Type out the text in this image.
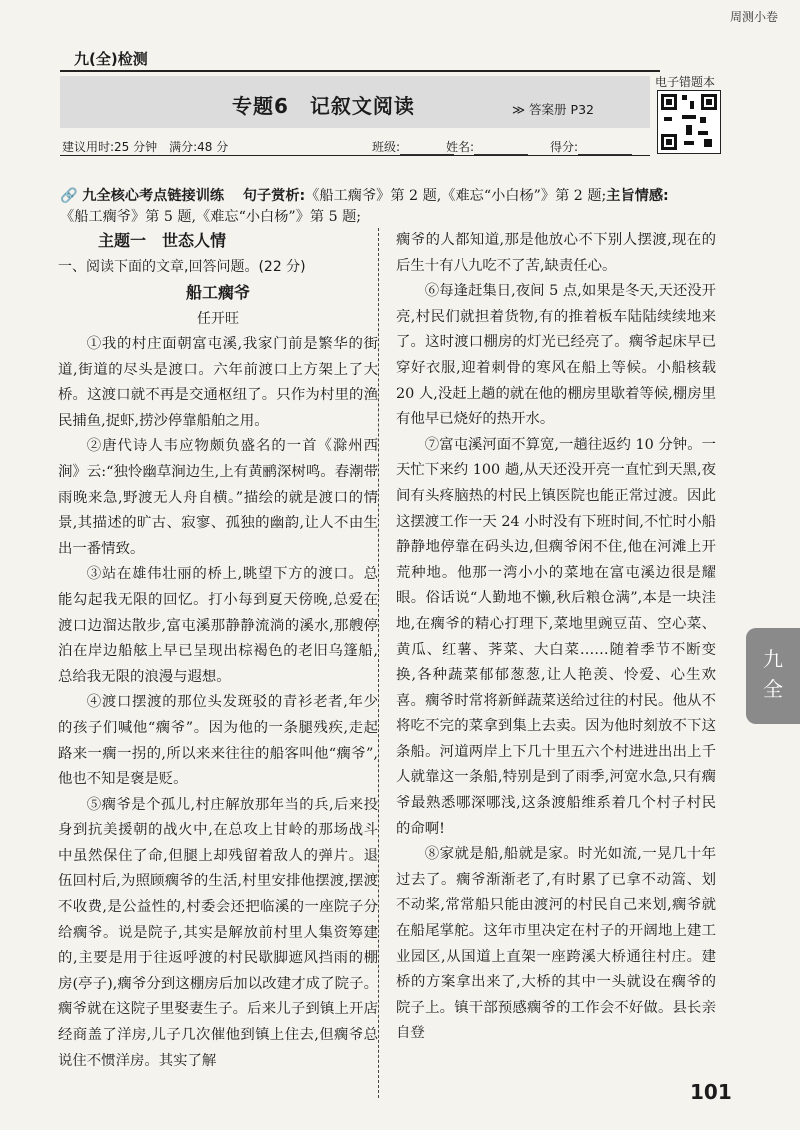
周测小卷
九(全)检测
专题6　记叙文阅读	≫ 答案册 P32
电子错题本
建议用时:25 分钟　满分:48 分	班级:	姓名:	得分:
🔗 九全核心考点链接训练　 句子赏析:《船工瘸爷》第 2 题,《难忘“小白杨”》第 2 题;主旨情感:
《船工瘸爷》第 5 题,《难忘“小白杨”》第 5 题;
主题一　世态人情
一、阅读下面的文章,回答问题。(22 分)
船工瘸爷
任开旺

①我的村庄面朝富屯溪,我家门前是繁华的街道,街道的尽头是渡口。六年前渡口上方架上了大桥。这渡口就不再是交通枢纽了。只作为村里的渔民捕鱼,捉虾,捞沙停靠船舶之用。

②唐代诗人韦应物颇负盛名的一首《滁州西涧》云:“独怜幽草涧边生,上有黄鹂深树鸣。春潮带雨晚来急,野渡无人舟自横。”描绘的就是渡口的情景,其描述的旷古、寂寥、孤独的幽韵,让人不由生出一番情致。

③站在雄伟壮丽的桥上,眺望下方的渡口。总能勾起我无限的回忆。打小每到夏天傍晚,总爱在渡口边溜达散步,富屯溪那静静流淌的溪水,那艘停泊在岸边船舷上早已呈现出棕褐色的老旧乌篷船,总给我无限的浪漫与遐想。

④渡口摆渡的那位头发斑驳的青衫老者,年少的孩子们喊他“瘸爷”。因为他的一条腿残疾,走起路来一瘸一拐的,所以来来往往的船客叫他“瘸爷”,他也不知是褒是贬。

⑤瘸爷是个孤儿,村庄解放那年当的兵,后来投身到抗美援朝的战火中,在总攻上甘岭的那场战斗中虽然保住了命,但腿上却残留着敌人的弹片。退伍回村后,为照顾瘸爷的生活,村里安排他摆渡,摆渡不收费,是公益性的,村委会还把临溪的一座院子分给瘸爷。说是院子,其实是解放前村里人集资筹建的,主要是用于往返呼渡的村民歇脚遮风挡雨的棚房(亭子),瘸爷分到这棚房后加以改建才成了院子。瘸爷就在这院子里娶妻生子。后来儿子到镇上开店经商盖了洋房,儿子几次催他到镇上住去,但瘸爷总说住不惯洋房。其实了解

瘸爷的人都知道,那是他放心不下别人摆渡,现在的后生十有八九吃不了苦,缺责任心。

⑥每逢赶集日,夜间 5 点,如果是冬天,天还没开亮,村民们就担着货物,有的推着板车陆陆续续地来了。这时渡口棚房的灯光已经亮了。瘸爷起床早已穿好衣服,迎着刺骨的寒风在船上等候。小船核载 20 人,没赶上趟的就在他的棚房里歇着等候,棚房里有他早已烧好的热开水。

⑦富屯溪河面不算宽,一趟往返约 10 分钟。一天忙下来约 100 趟,从天还没开亮一直忙到天黑,夜间有头疼脑热的村民上镇医院也能正常过渡。因此这摆渡工作一天 24 小时没有下班时间,不忙时小船静静地停靠在码头边,但瘸爷闲不住,他在河滩上开荒种地。他那一湾小小的菜地在富屯溪边很是耀眼。俗话说“人勤地不懒,秋后粮仓满”,本是一块洼地,在瘸爷的精心打理下,菜地里豌豆苗、空心菜、黄瓜、红薯、荠菜、大白菜……随着季节不断变换,各种蔬菜郁郁葱葱,让人艳羡、怜爱、心生欢喜。瘸爷时常将新鲜蔬菜送给过往的村民。他从不将吃不完的菜拿到集上去卖。因为他时刻放不下这条船。河道两岸上下几十里五六个村进进出出上千人就靠这一条船,特别是到了雨季,河宽水急,只有瘸爷最熟悉哪深哪浅,这条渡船维系着几个村子村民的命啊!

⑧家就是船,船就是家。时光如流,一晃几十年过去了。瘸爷渐渐老了,有时累了已拿不动篙、划不动桨,常常船只能由渡河的村民自己来划,瘸爷就在船尾掌舵。这年市里决定在村子的开阔地上建工业园区,从国道上直架一座跨溪大桥通往村庄。建桥的方案拿出来了,大桥的其中一头就设在瘸爷的院子上。镇干部预感瘸爷的工作会不好做。县长亲自登

九全
101
